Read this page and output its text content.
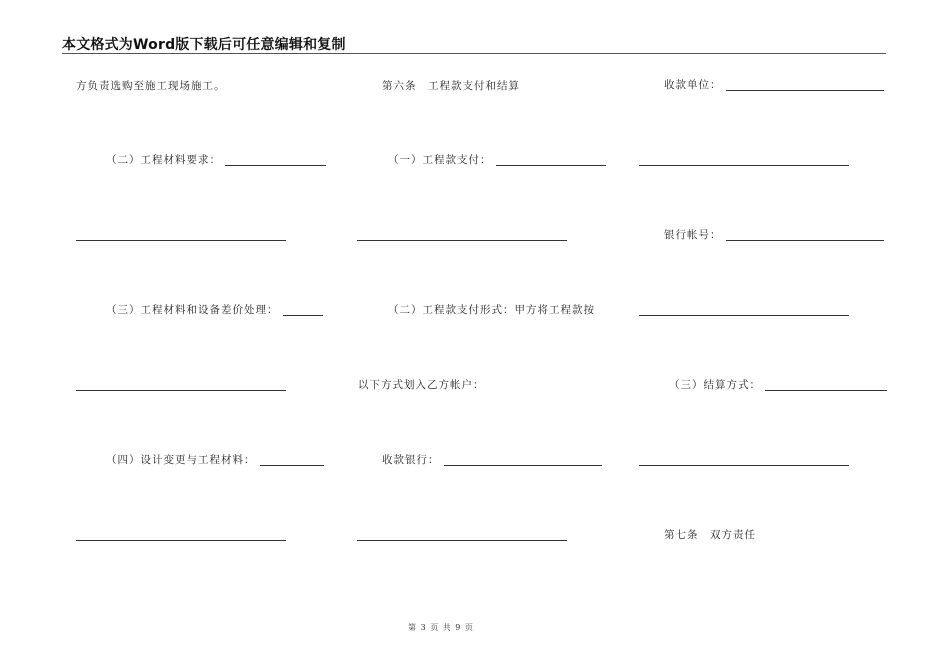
本文格式为Word版下载后可任意编辑和复制
方负责选购至施工现场施工。
（二）工程材料要求：
（三）工程材料和设备差价处理：
（四）设计变更与工程材料：
第六条　工程款支付和结算
（一）工程款支付：
（二）工程款支付形式：甲方将工程款按
以下方式划入乙方帐户：
收款银行：
收款单位：
银行帐号：
（三）结算方式：
第七条　双方责任
第 3 页 共 9 页
